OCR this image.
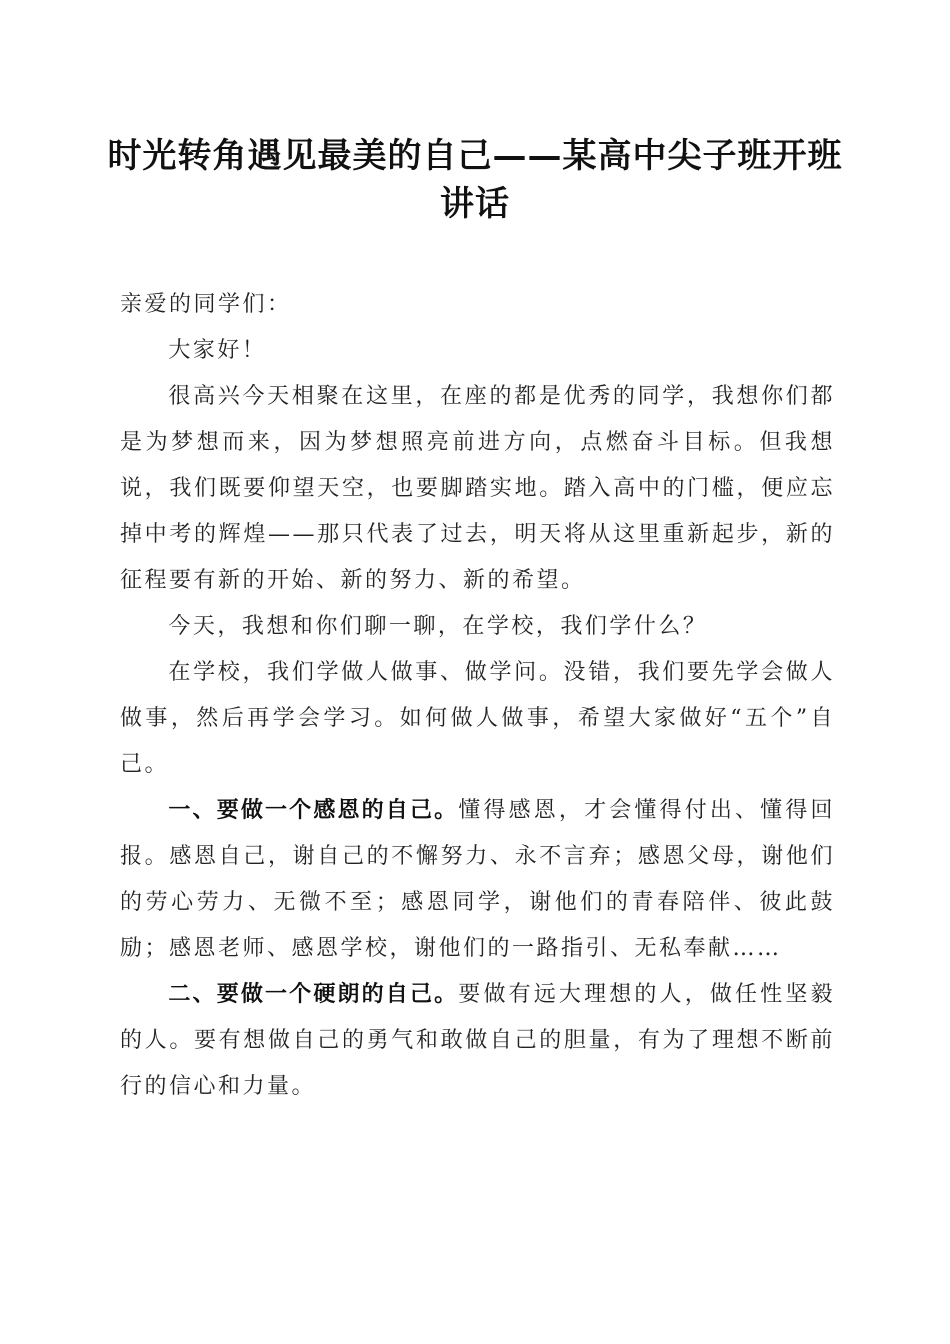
时光转角遇见最美的自己——某高中尖子班开班讲话

亲爱的同学们：

大家好！

很高兴今天相聚在这里，在座的都是优秀的同学，我想你们都是为梦想而来，因为梦想照亮前进方向，点燃奋斗目标。但我想说，我们既要仰望天空，也要脚踏实地。踏入高中的门槛，便应忘掉中考的辉煌——那只代表了过去，明天将从这里重新起步，新的征程要有新的开始、新的努力、新的希望。

今天，我想和你们聊一聊，在学校，我们学什么？

在学校，我们学做人做事、做学问。没错，我们要先学会做人做事，然后再学会学习。如何做人做事，希望大家做好“五个”自己。

一、要做一个感恩的自己。懂得感恩，才会懂得付出、懂得回报。感恩自己，谢自己的不懈努力、永不言弃；感恩父母，谢他们的劳心劳力、无微不至；感恩同学，谢他们的青春陪伴、彼此鼓励；感恩老师、感恩学校，谢他们的一路指引、无私奉献……

二、要做一个硬朗的自己。要做有远大理想的人，做任性坚毅的人。要有想做自己的勇气和敢做自己的胆量，有为了理想不断前行的信心和力量。
